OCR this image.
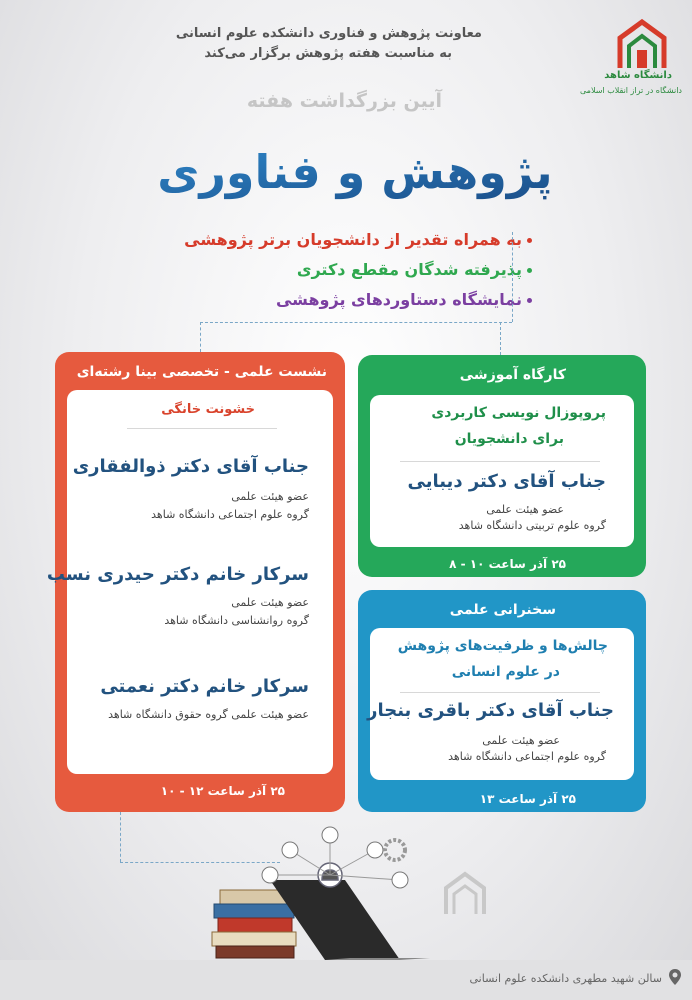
معاونت پژوهش و فناوری دانشکده علوم انسانی
به مناسبت هفته پژوهش برگزار می‌کند
دانشگاه شاهد
دانشگاه در تراز انقلاب اسلامی
آیین بزرگداشت هفته
پژوهش و فناوری
به همراه تقدیر از دانشجویان برتر پژوهشی
پذیرفته شدگان مقطع دکتری
نمایشگاه دستاوردهای پژوهشی
نشست علمی - تخصصی بینا رشته‌ای
خشونت خانگی
جناب آقای دکتر ذوالفقاری
عضو هیئت علمی
گروه علوم اجتماعی دانشگاه شاهد
سرکار خانم دکتر حیدری نسب
عضو هیئت علمی
گروه روانشناسی دانشگاه شاهد
سرکار خانم دکتر نعمتی
عضو هیئت علمی گروه حقوق دانشگاه شاهد
۲۵ آذر ساعت ۱۲ - ۱۰
کارگاه آموزشی
پروپوزال نویسی کاربردی
برای دانشجویان
جناب آقای دکتر دیبایی
عضو هیئت علمی
گروه علوم تربیتی دانشگاه شاهد
۲۵ آذر ساعت ۱۰ - ۸
سخنرانی علمی
چالش‌ها و ظرفیت‌های پژوهش
در علوم انسانی
جناب آقای دکتر باقری بنجار
عضو هیئت علمی
گروه علوم اجتماعی دانشگاه شاهد
۲۵ آذر ساعت ۱۳
سالن شهید مطهری دانشکده علوم انسانی
